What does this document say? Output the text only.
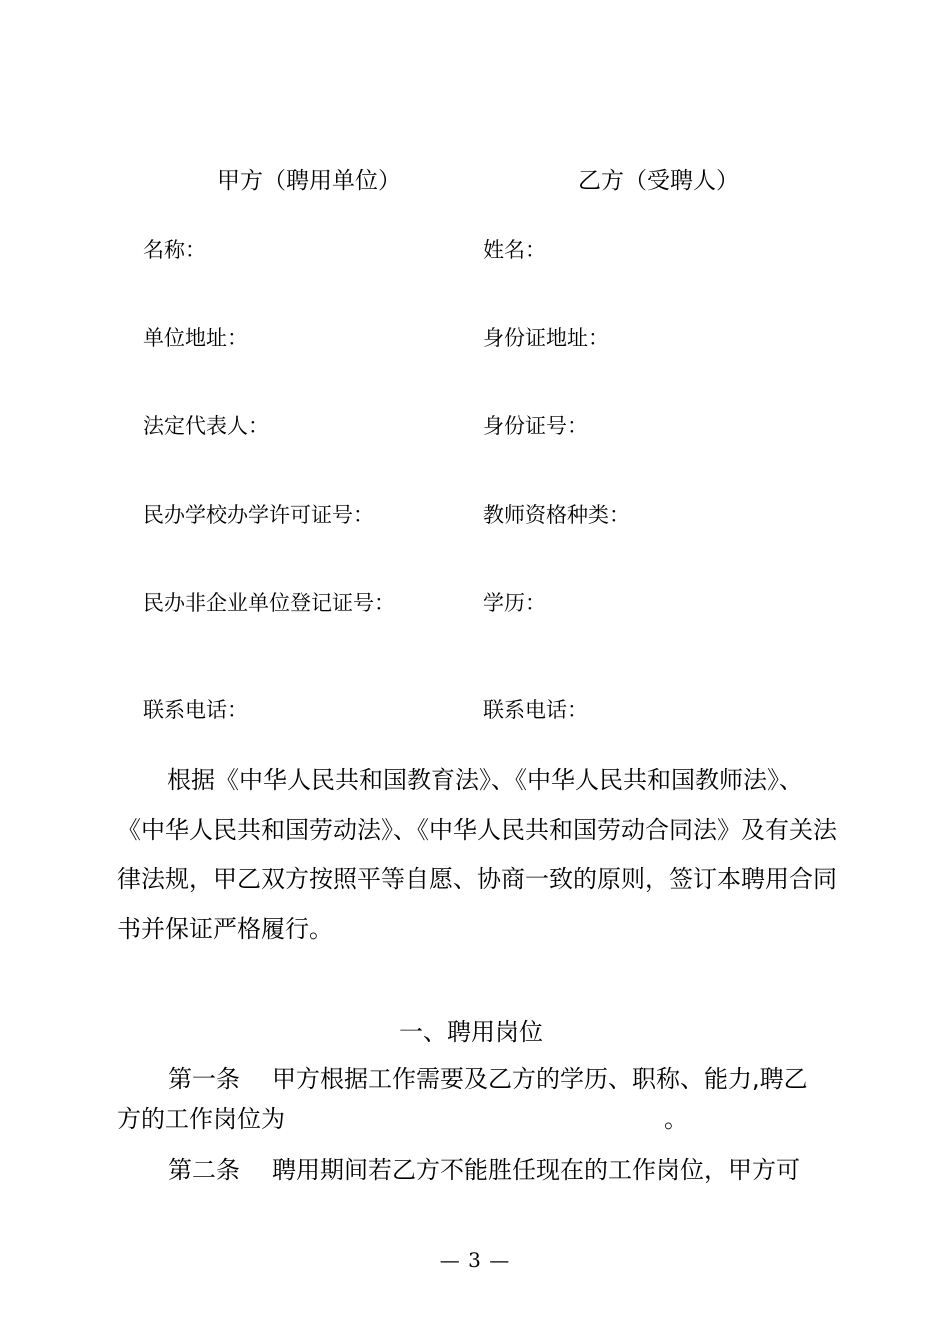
甲方（聘用单位）	乙方（受聘人）
名称：
单位地址：
法定代表人：
民办学校办学许可证号：
民办非企业单位登记证号：
联系电话：
姓名：
身份证地址：
身份证号：
教师资格种类：
学历：
联系电话：

根据《中华人民共和国教育法》、《中华人民共和国教师法》、《中华人民共和国劳动法》、《中华人民共和国劳动合同法》及有关法律法规，甲乙双方按照平等自愿、协商一致的原则，签订本聘用合同书并保证严格履行。

一、聘用岗位
第一条 甲方根据工作需要及乙方的学历、职称、能力,聘乙
方的工作岗位为	。
第二条 聘用期间若乙方不能胜任现在的工作岗位，甲方可
— 3 —
